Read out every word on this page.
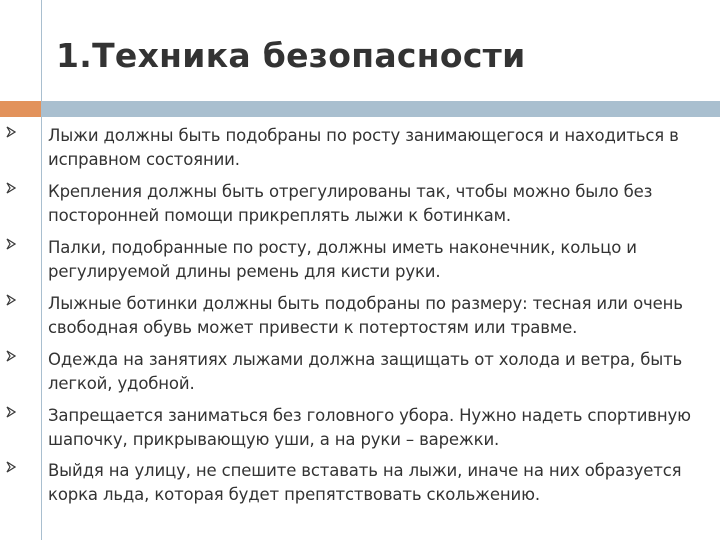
1.Техника безопасности
Лыжи должны быть подобраны по росту занимающегося и находиться в исправном состоянии.
Крепления должны быть отрегулированы так, чтобы можно было без посторонней помощи прикреплять лыжи к ботинкам.
Палки, подобранные по росту, должны иметь наконечник, кольцо и регулируемой длины ремень для кисти руки.
Лыжные ботинки должны быть подобраны по размеру: тесная или очень свободная обувь может привести к потертостям или травме.
Одежда на занятиях лыжами должна защищать от холода и ветра, быть легкой, удобной.
Запрещается заниматься без головного убора. Нужно надеть спортивную шапочку, прикрывающую уши, а на руки – варежки.
Выйдя на улицу, не спешите вставать на лыжи, иначе на них образуется корка льда, которая будет препятствовать скольжению.
